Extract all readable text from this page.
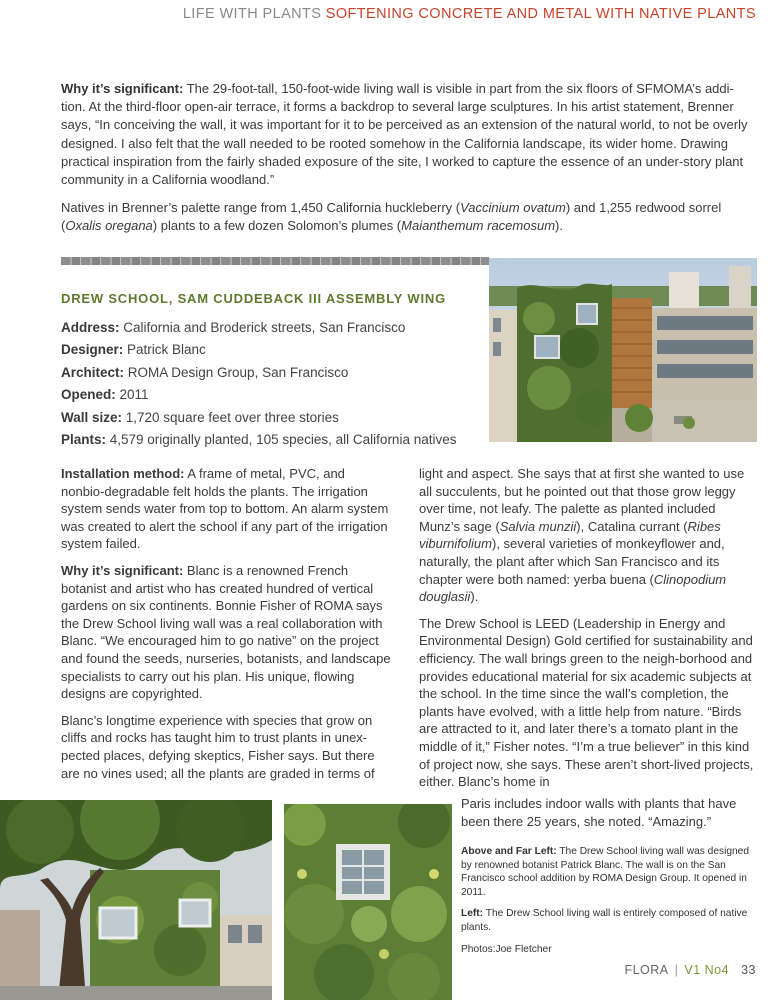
LIFE WITH PLANTS SOFTENING CONCRETE AND METAL WITH NATIVE PLANTS

Why it’s significant: The 29-foot-tall, 150-foot-wide living wall is visible in part from the six floors of SFMOMA’s addi-tion. At the third-floor open-air terrace, it forms a backdrop to several large sculptures. In his artist statement, Brenner says, “In conceiving the wall, it was important for it to be perceived as an extension of the natural world, to not be overly designed. I also felt that the wall needed to be rooted somehow in the California landscape, its wider home. Drawing practical inspiration from the fairly shaded exposure of the site, I worked to capture the essence of an under-story plant community in a California woodland.”

Natives in Brenner’s palette range from 1,450 California huckleberry (Vaccinium ovatum) and 1,255 redwood sorrel (Oxalis oregana) plants to a few dozen Solomon’s plumes (Maianthemum racemosum).

DREW SCHOOL, SAM CUDDEBACK III ASSEMBLY WING
Address: California and Broderick streets, San Francisco
Designer: Patrick Blanc
Architect: ROMA Design Group, San Francisco
Opened: 2011
Wall size: 1,720 square feet over three stories
Plants: 4,579 originally planted, 105 species, all California natives

Installation method: A frame of metal, PVC, and nonbio-degradable felt holds the plants. The irrigation system sends water from top to bottom. An alarm system was created to alert the school if any part of the irrigation system failed.

Why it’s significant: Blanc is a renowned French botanist and artist who has created hundred of vertical gardens on six continents. Bonnie Fisher of ROMA says the Drew School living wall was a real collaboration with Blanc. “We encouraged him to go native” on the project and found the seeds, nurseries, botanists, and landscape specialists to carry out his plan. His unique, flowing designs are copyrighted.

Blanc’s longtime experience with species that grow on cliffs and rocks has taught him to trust plants in unex-pected places, defying skeptics, Fisher says. But there are no vines used; all the plants are graded in terms of

light and aspect. She says that at first she wanted to use all succulents, but he pointed out that those grow leggy over time, not leafy. The palette as planted included Munz’s sage (Salvia munzii), Catalina currant (Ribes viburnifolium), several varieties of monkeyflower and, naturally, the plant after which San Francisco and its chapter were both named: yerba buena (Clinopodium douglasii).

The Drew School is LEED (Leadership in Energy and Environmental Design) Gold certified for sustainability and efficiency. The wall brings green to the neigh-borhood and provides educational material for six academic subjects at the school. In the time since the wall’s completion, the plants have evolved, with a little help from nature. “Birds are attracted to it, and later there’s a tomato plant in the middle of it,” Fisher notes. “I’m a true believer” in this kind of project now, she says. These aren’t short-lived projects, either. Blanc’s home in

Paris includes indoor walls with plants that have been there 25 years, she noted. “Amazing.”

Above and Far Left: The Drew School living wall was designed by renowned botanist Patrick Blanc. The wall is on the San Francisco school addition by ROMA Design Group. It opened in 2011.

Left: The Drew School living wall is entirely composed of native plants.

Photos:Joe Fletcher

FLORA | V1 No4 33
